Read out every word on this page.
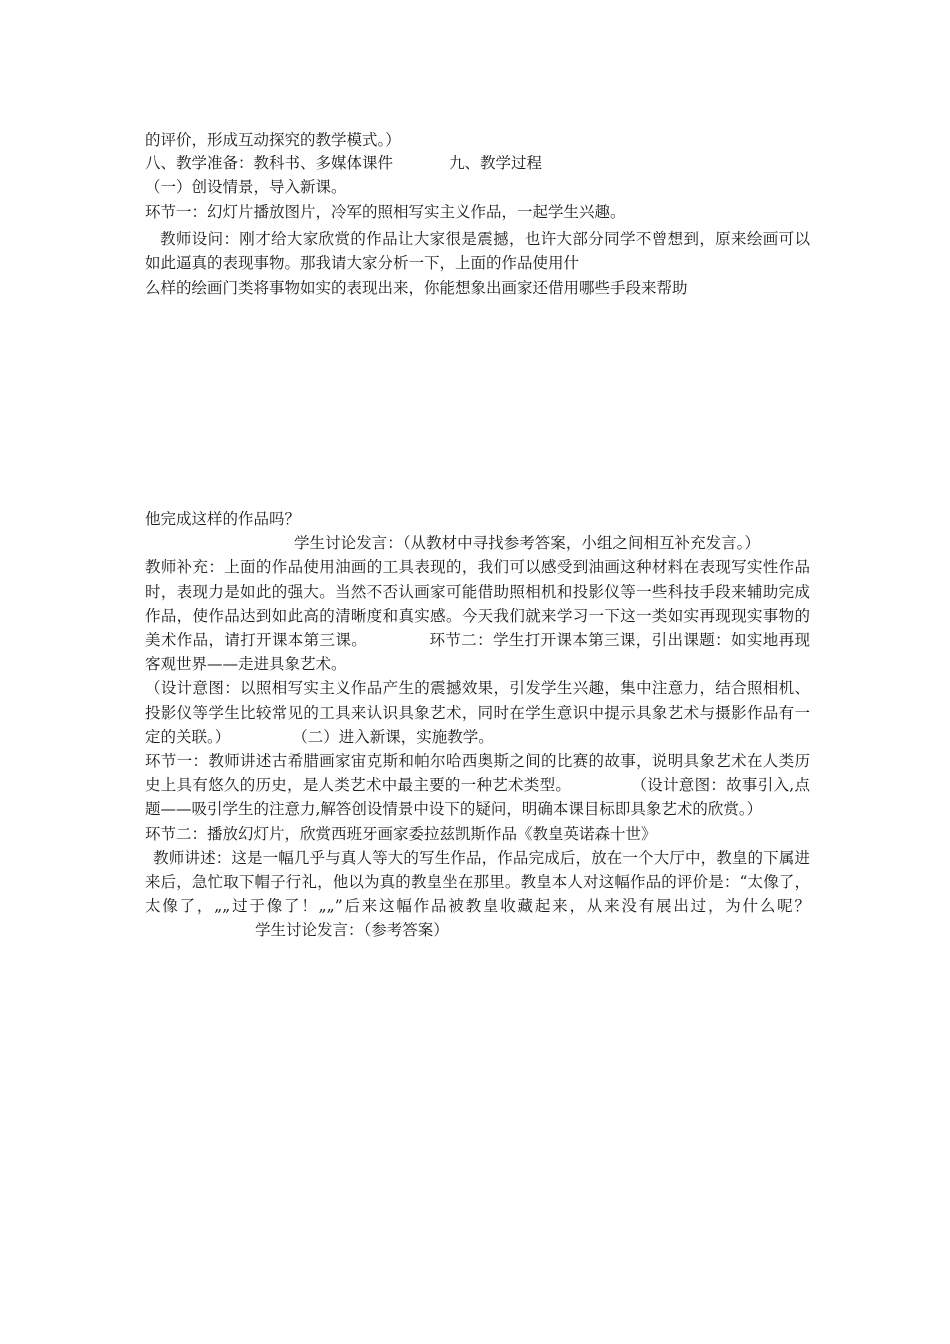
的评价，形成互动探究的教学模式。）
八、教学准备：教科书、多媒体课件	九、教学过程
（一）创设情景，导入新课。
环节一：幻灯片播放图片，冷军的照相写实主义作品，一起学生兴趣。
教师设问：刚才给大家欣赏的作品让大家很是震撼，也许大部分同学不曾想到，原来绘画可以如此逼真的表现事物。那我请大家分析一下，上面的作品使用什
么样的绘画门类将事物如实的表现出来，你能想象出画家还借用哪些手段来帮助
他完成这样的作品吗？
学生讨论发言：（从教材中寻找参考答案，小组之间相互补充发言。）教师补充：上面的作品使用油画的工具表现的，我们可以感受到油画这种材料在表现写实性作品时，表现力是如此的强大。当然不否认画家可能借助照相机和投影仪等一些科技手段来辅助完成作品，使作品达到如此高的清晰度和真实感。今天我们就来学习一下这一类如实再现现实事物的美术作品，请打开课本第三课。	环节二：学生打开课本第三课，引出课题：如实地再现客观世界——走进具象艺术。
（设计意图：以照相写实主义作品产生的震撼效果，引发学生兴趣，集中注意力，结合照相机、投影仪等学生比较常见的工具来认识具象艺术，同时在学生意识中提示具象艺术与摄影作品有一定的关联。）	（二）进入新课，实施教学。
环节一：教师讲述古希腊画家宙克斯和帕尔哈西奥斯之间的比赛的故事，说明具象艺术在人类历史上具有悠久的历史，是人类艺术中最主要的一种艺术类型。	（设计意图：故事引入,点题——吸引学生的注意力,解答创设情景中设下的疑问，明确本课目标即具象艺术的欣赏。）
环节二：播放幻灯片，欣赏西班牙画家委拉兹凯斯作品《教皇英诺森十世》
教师讲述：这是一幅几乎与真人等大的写生作品，作品完成后，放在一个大厅中，教皇的下属进来后，急忙取下帽子行礼，他以为真的教皇坐在那里。教皇本人对这幅作品的评价是：“太像了，太像了，„„过于像了！„„”后来这幅作品被教皇收藏起来，从来没有展出过，为什么呢？学生讨论发言：（参考答案）
